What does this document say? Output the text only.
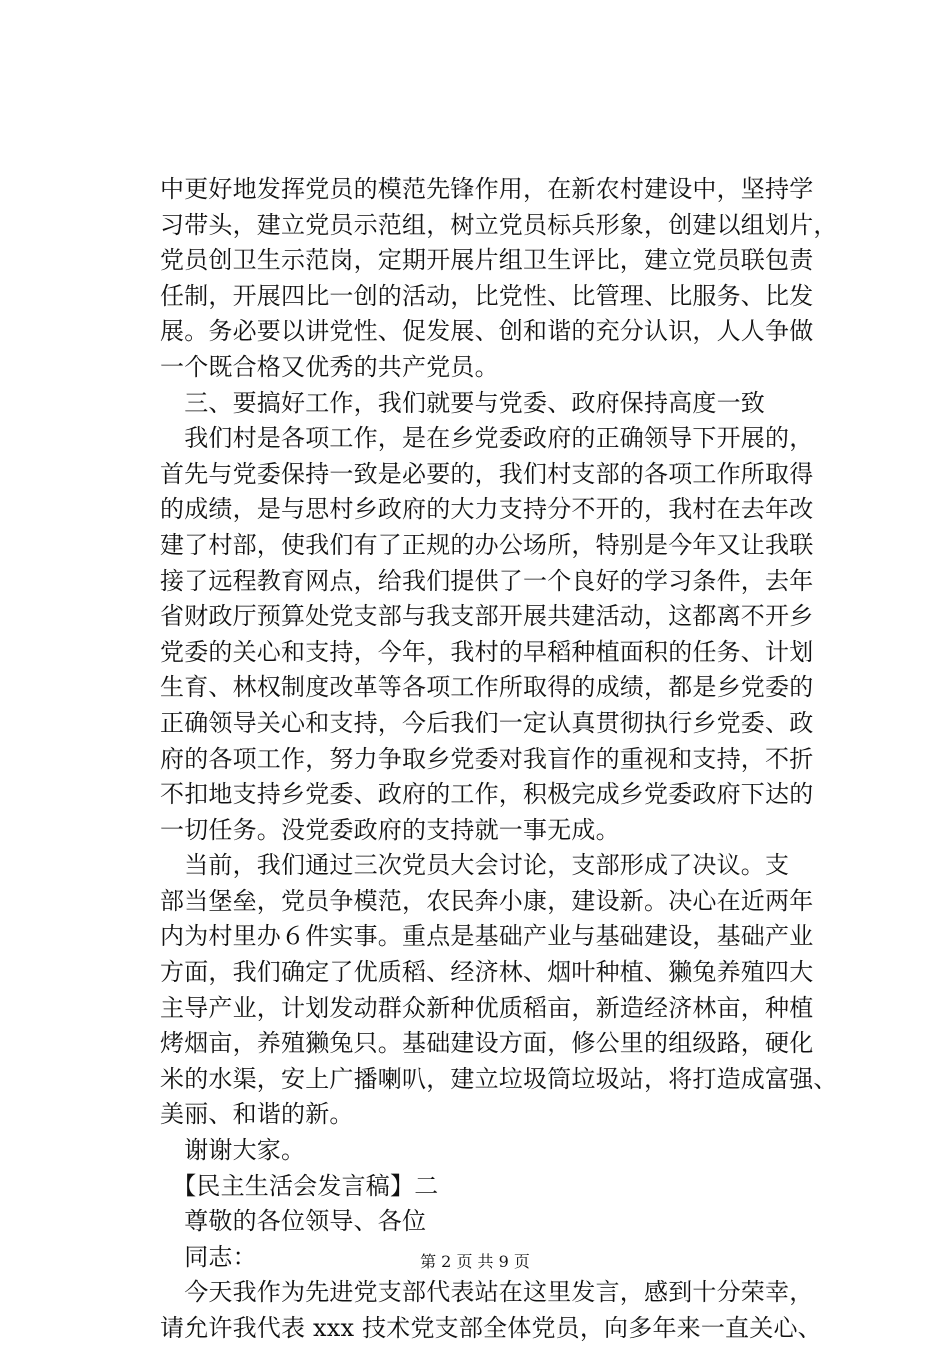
中更好地发挥党员的模范先锋作用，在新农村建设中，坚持学
习带头，建立党员示范组，树立党员标兵形象，创建以组划片，
党员创卫生示范岗，定期开展片组卫生评比，建立党员联包责
任制，开展四比一创的活动，比党性、比管理、比服务、比发
展。务必要以讲党性、促发展、创和谐的充分认识，人人争做
一个既合格又优秀的共产党员。
　三、要搞好工作，我们就要与党委、政府保持高度一致
　我们村是各项工作，是在乡党委政府的正确领导下开展的，
首先与党委保持一致是必要的，我们村支部的各项工作所取得
的成绩，是与思村乡政府的大力支持分不开的，我村在去年改
建了村部，使我们有了正规的办公场所，特别是今年又让我联
接了远程教育网点，给我们提供了一个良好的学习条件，去年
省财政厅预算处党支部与我支部开展共建活动，这都离不开乡
党委的关心和支持，今年，我村的早稻种植面积的任务、计划
生育、林权制度改革等各项工作所取得的成绩，都是乡党委的
正确领导关心和支持，今后我们一定认真贯彻执行乡党委、政
府的各项工作，努力争取乡党委对我盲作的重视和支持，不折
不扣地支持乡党委、政府的工作，积极完成乡党委政府下达的
一切任务。没党委政府的支持就一事无成。
　当前，我们通过三次党员大会讨论，支部形成了决议。支
部当堡垒，党员争模范，农民奔小康，建设新。决心在近两年
内为村里办６件实事。重点是基础产业与基础建设，基础产业
方面，我们确定了优质稻、经济林、烟叶种植、獭兔养殖四大
主导产业，计划发动群众新种优质稻亩，新造经济林亩，种植
烤烟亩，养殖獭兔只。基础建设方面，修公里的组级路，硬化
米的水渠，安上广播喇叭，建立垃圾筒垃圾站，将打造成富强、
美丽、和谐的新。
　谢谢大家。
　【民主生活会发言稿】二
　尊敬的各位领导、各位
　同志：
　今天我作为先进党支部代表站在这里发言，感到十分荣幸，
请允许我代表 xxx 技术党支部全体党员，向多年来一直关心、
第 2 页 共 9 页
